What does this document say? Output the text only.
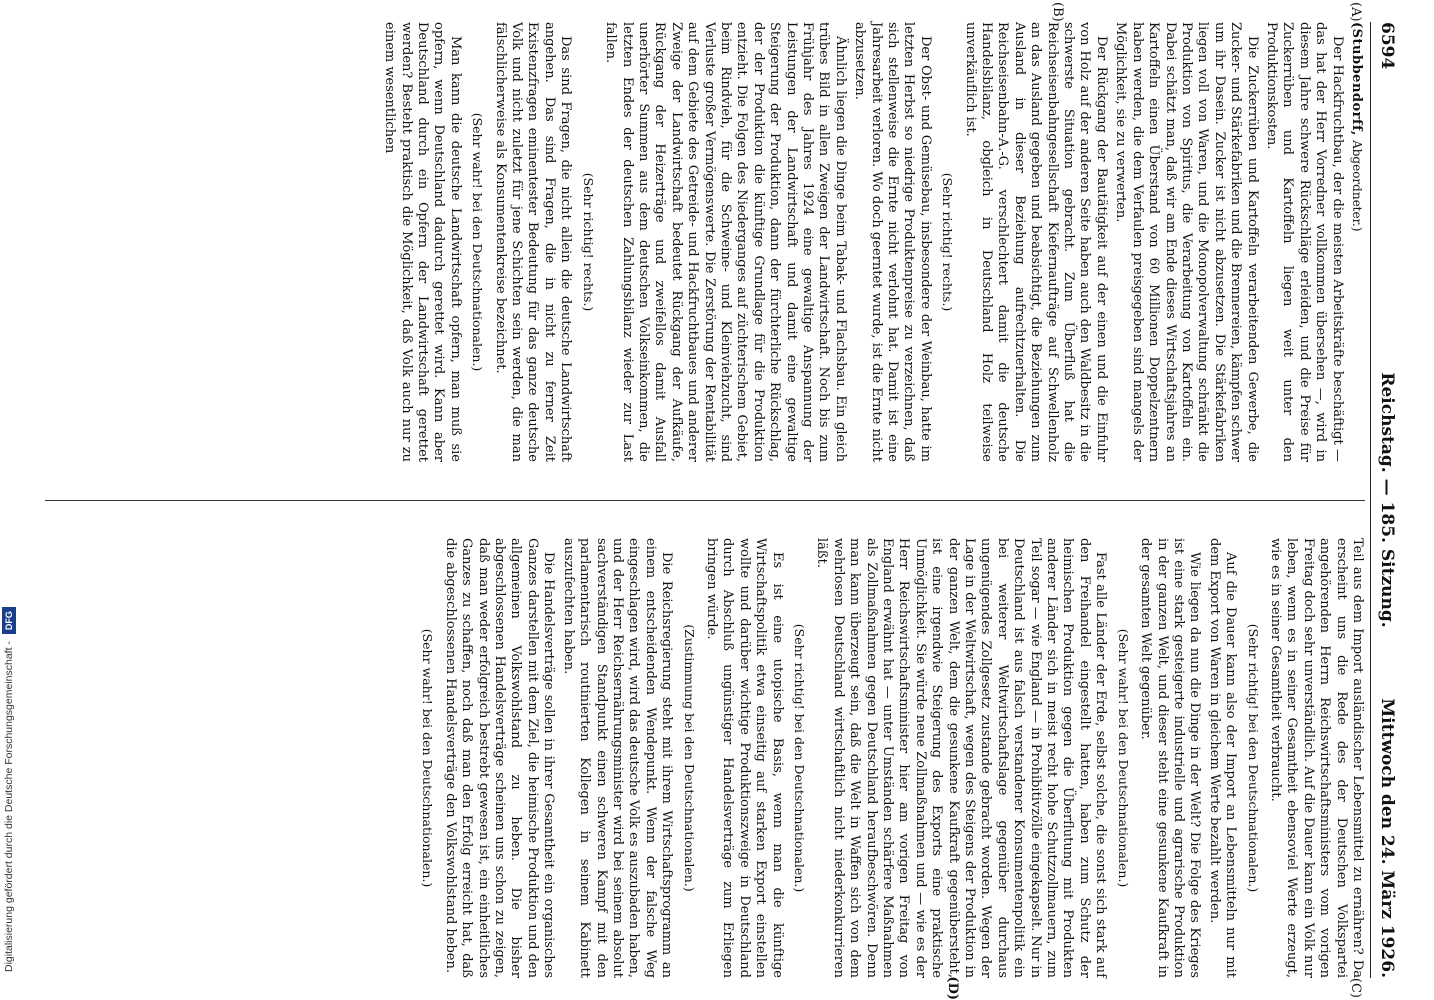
6594
Reichstag. — 185. Sitzung.
Mittwoch den 24. März 1926.
(A)
(B)
(C)
(D)

(Stubbendorff, Abgeordneter.)

Der Hackfruchtbau, der die meisten Arbeitskräfte beschäftigt — das hat der Herr Vorredner vollkommen übersehen —, wird in diesem Jahre schwere Rückschläge erleiden, und die Preise für Zuckerrüben und Kartoffeln liegen weit unter den Produktionskosten.

Die Zuckerrüben und Kartoffeln verarbeitenden Gewerbe, die Zucker- und Stärkefabriken und die Brennereien, kämpfen schwer um ihr Dasein. Zucker ist nicht abzusetzen. Die Stärkefabriken liegen voll von Waren, und die Monopolverwaltung schränkt die Produktion von Spiritus, die Verarbeitung von Kartoffeln ein. Dabei schätzt man, daß wir am Ende dieses Wirtschaftsjahres an Kartoffeln einen Überstand von 60 Millionen Doppelzentnern haben werden, die dem Verfaulen preisgegeben sind mangels der Möglichkeit, sie zu verwerten.

Der Rückgang der Bautätigkeit auf der einen und die Einfuhr von Holz auf der anderen Seite haben auch den Waldbesitz in die schwerste Situation gebracht. Zum Überfluß hat die Reichseisenbahngesellschaft Kiefernaufträge auf Schwellenholz an das Ausland gegeben und beabsichtigt, die Beziehungen zum Ausland in dieser Beziehung aufrechtzuerhalten. Die Reichseisenbahn-A.-G. verschlechtert damit die deutsche Handelsbilanz, obgleich in Deutschland Holz teilweise unverkäuflich ist.

(Sehr richtig! rechts.)

Der Obst- und Gemüsebau, insbesondere der Weinbau, hatte im letzten Herbst so niedrige Produktenpreise zu verzeichnen, daß sich stellenweise die Ernte nicht verlohnt hat. Damit ist eine Jahresarbeit verloren. Wo doch geerntet wurde, ist die Ernte nicht abzusetzen.

Ähnlich liegen die Dinge beim Tabak- und Flachsbau. Ein gleich trübes Bild in allen Zweigen der Landwirtschaft. Noch bis zum Frühjahr des Jahres 1924 eine gewaltige Anspannung der Leistungen der Landwirtschaft und damit eine gewaltige Steigerung der Produktion, dann der fürchterliche Rückschlag, der der Produktion die künftige Grundlage für die Produktion entzieht. Die Folgen des Niederganges auf züchterischem Gebiet, beim Rindvieh, für die Schweine- und Kleinviehzucht, sind Verluste großer Vermögenswerte. Die Zerstörung der Rentabilität auf dem Gebiete des Getreide- und Hackfruchtbaues und anderer Zweige der Landwirtschaft bedeutet Rückgang der Aufkäufe, Rückgang der Heizerträge und zweifellos damit Ausfall unerhörter Summen aus dem deutschen Volkseinkommen, die letzten Endes der deutschen Zahlungsbilanz wieder zur Last fallen.

(Sehr richtig! rechts.)

Das sind Fragen, die nicht allein die deutsche Landwirtschaft angehen. Das sind Fragen, die in nicht zu ferner Zeit Existenzfragen eminentester Bedeutung für das ganze deutsche Volk und nicht zuletzt für jene Schichten sein werden, die man fälschlicherweise als Konsumentenkreise bezeichnet.

(Sehr wahr! bei den Deutschnationalen.)

Man kann die deutsche Landwirtschaft opfern, man muß sie opfern, wenn Deutschland dadurch gerettet wird. Kann aber Deutschland durch ein Opfern der Landwirtschaft gerettet werden? Besteht praktisch die Möglichkeit, daß Volk auch nur zu einem wesentlichen

Teil aus dem Import ausländischer Lebensmittel zu ernähren? Da erscheint uns die Rede des der Deutschen Volkspartei angehörenden Herrn Reichswirtschaftsministers vom vorigen Freitag doch sehr unverständlich. Auf die Dauer kann ein Volk nur leben, wenn es in seiner Gesamtheit ebensoviel Werte erzeugt, wie es in seiner Gesamtheit verbraucht.

(Sehr richtig! bei den Deutschnationalen.)

Auf die Dauer kann also der Import an Lebensmitteln nur mit dem Export von Waren in gleichem Werte bezahlt werden.

Wie liegen da nun die Dinge in der Welt? Die Folge des Krieges ist eine stark gesteigerte industrielle und agrarische Produktion in der ganzen Welt, und dieser steht eine gesunkene Kaufkraft in der gesamten Welt gegenüber.

(Sehr wahr! bei den Deutschnationalen.)

Fast alle Länder der Erde, selbst solche, die sonst sich stark auf den Freihandel eingestellt hatten, haben zum Schutz der heimischen Produktion gegen die Überflutung mit Produkten anderer Länder sich in meist recht hohe Schutzzollmauern, zum Teil sogar — wie England — in Prohibitivzölle eingekapselt. Nur in Deutschland ist aus falsch verstandener Konsumentenpolitik ein bei weiterer Weltwirtschaftslage gegenüber durchaus ungenügendes Zollgesetz zustande gebracht worden. Wegen der Lage in der Weltwirtschaft, wegen des Steigens der Produktion in der ganzen Welt, dem die gesunkene Kaufkraft gegenübersteht, ist eine irgendwie Steigerung des Exports eine praktische Unmöglichkeit. Sie würde neue Zollmaßnahmen und — wie es der Herr Reichswirtschaftsminister hier am vorigen Freitag von England erwähnt hat — unter Umständen schärfere Maßnahmen als Zollmaßnahmen gegen Deutschland heraufbeschwören. Denn man kann überzeugt sein, daß die Welt in Waffen sich von dem wehrlosen Deutschland wirtschaftlich nicht niederkonkurrieren läßt.

(Sehr richtig! bei den Deutschnationalen.)

Es ist eine utopische Basis, wenn man die künftige Wirtschaftspolitik etwa einseitig auf starken Export einstellen wollte und darüber wichtige Produktionszweige in Deutschland durch Abschluß ungünstiger Handelsverträge zum Erliegen bringen würde.

(Zustimmung bei den Deutschnationalen.)

Die Reichsregierung steht mit ihrem Wirtschaftsprogramm an einem entscheidenden Wendepunkt. Wenn der falsche Weg eingeschlagen wird, wird das deutsche Volk es auszubaden haben, und der Herr Reichsernährungsminister wird bei seinem absolut sachverständigen Standpunkt einen schweren Kampf mit den parlamentarisch routinierten Kollegen in seinem Kabinett auszufechten haben.

Die Handelsverträge sollen in ihrer Gesamtheit ein organisches Ganzes darstellen mit dem Ziel, die heimische Produktion und den allgemeinen Volkswohlstand zu heben. Die bisher abgeschlossenen Handelsverträge scheinen uns schon zu zeigen, daß man weder erfolgreich bestrebt gewesen ist, ein einheitliches Ganzes zu schaffen, noch daß man den Erfolg erreicht hat, daß die abgeschlossenen Handelsverträge den Volkswohlstand heben.

(Sehr wahr! bei den Deutschnationalen.)

Digitalisierung gefördert durch die Deutsche Forschungsgemeinschaft - DFG
